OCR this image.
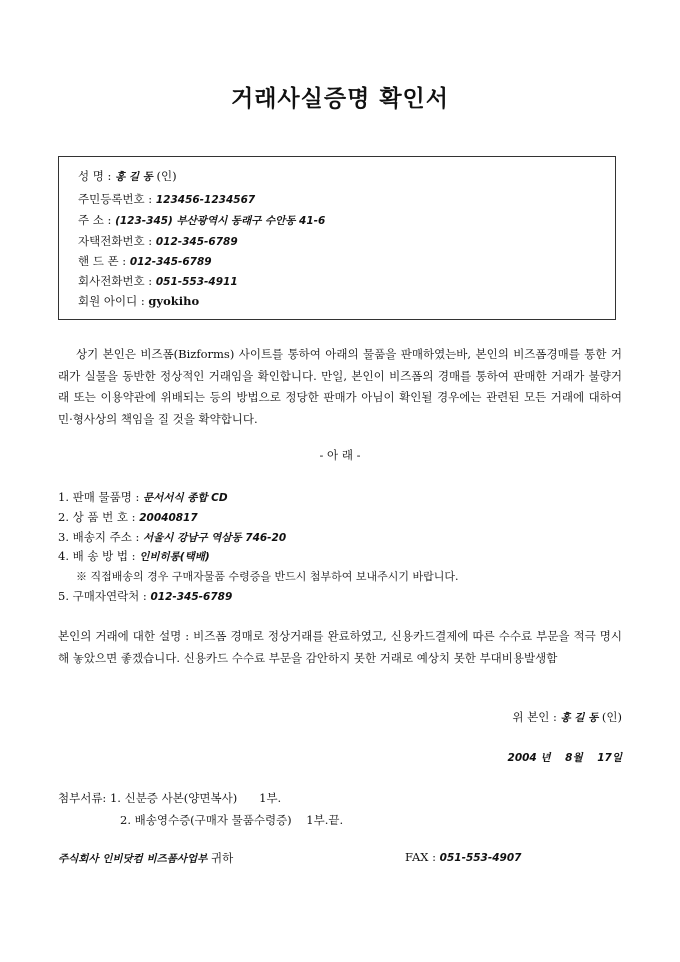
거래사실증명 확인서
성 명 : 홍 길 동 (인)
주민등록번호 : 123456-1234567
주 소 : (123-345) 부산광역시 동래구 수안동 41-6
자택전화번호 : 012-345-6789
핸 드 폰 : 012-345-6789
회사전화번호 : 051-553-4911
회원 아이디 : gyokiho
상기 본인은 비즈폼(Bizforms) 사이트를 통하여 아래의 물품을 판매하였는바, 본인의 비즈폼경매를 통한 거래가 실물을 동반한 정상적인 거래임을 확인합니다. 만일, 본인이 비즈폼의 경매를 통하여 판매한 거래가 불량거래 또는 이용약관에 위배되는 등의 방법으로 정당한 판매가 아님이 확인될 경우에는 관련된 모든 거래에 대하여 민·형사상의 책임을 질 것을 확약합니다.
- 아 래 -
1. 판매 물품명 : 문서서식 종합 CD
2. 상 품 번 호 : 20040817
3. 배송지 주소 : 서울시 강남구 역삼동 746-20
4. 배 송 방 법 : 인비히롱(택배)
※ 직접배송의 경우 구매자물품 수령증을 반드시 첨부하여 보내주시기 바랍니다.
5. 구매자연락처 : 012-345-6789
본인의 거래에 대한 설명 : 비즈폼 경매로 정상거래를 완료하였고, 신용카드결제에 따른 수수료 부문을 적극 명시해 놓았으면 좋겠습니다. 신용카드 수수료 부문을 감안하지 못한 거래로 예상치 못한 부대비용발생함
위 본인 : 홍 길 동 (인)
2004 년    8월    17일
첨부서류: 1. 신분증 사본(양면복사)      1부.
2. 배송영수증(구매자 물품수령증)    1부.끝.
주식회사 인비닷컴 비즈폼사업부 귀하	FAX : 051-553-4907
